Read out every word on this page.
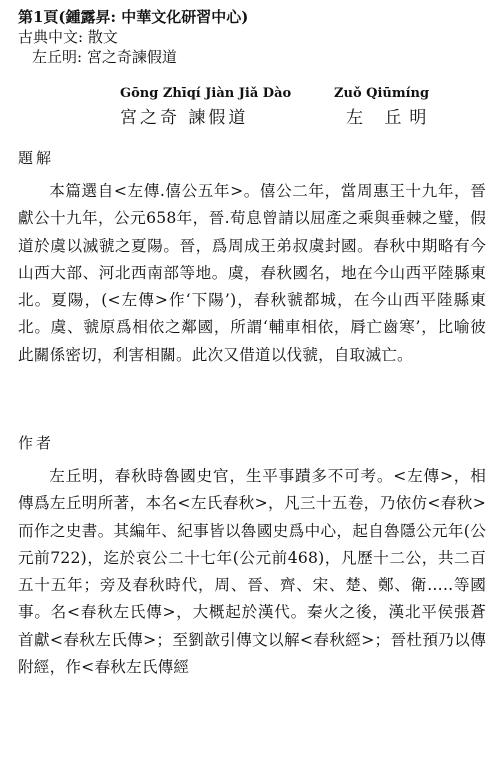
第1頁(鍾露昇: 中華文化研習中心)
古典中文: 散文
左丘明: 宮之奇諫假道
Gōng Zhīqí Jiàn Jiǎ Dào
宮之奇 諫假道
Zuǒ Qiūmíng
左 丘明
題解
本篇選自<左傳.僖公五年>。僖公二年，當周惠王十九年，晉獻公十九年，公元658年，晉.荀息曾請以屈產之乘與垂棘之璧，假道於虞以滅虢之夏陽。晉，爲周成王弟叔虞封國。春秋中期略有今山西大部、河北西南部等地。虞，春秋國名，地在今山西平陸縣東北。夏陽，(<左傳>作‘下陽’)，春秋虢都城，在今山西平陸縣東北。虞、虢原爲相依之鄰國，所謂‘輔車相依，脣亡齒寒’，比喻彼此關係密切，利害相關。此次又借道以伐虢，自取滅亡。
作者
左丘明，春秋時魯國史官，生平事蹟多不可考。<左傳>，相傳爲左丘明所著，本名<左氏春秋>，凡三十五卷，乃依仿<春秋>而作之史書。其編年、紀事皆以魯國史爲中心，起自魯隱公元年(公元前722)，迄於哀公二十七年(公元前468)，凡歷十二公，共二百五十五年；旁及春秋時代，周、晉、齊、宋、楚、鄭、衛…..等國事。名<春秋左氏傳>，大概起於漢代。秦火之後，漢北平侯張蒼首獻<春秋左氏傳>；至劉歆引傳文以解<春秋經>；晉杜預乃以傳附經，作<春秋左氏傳經
